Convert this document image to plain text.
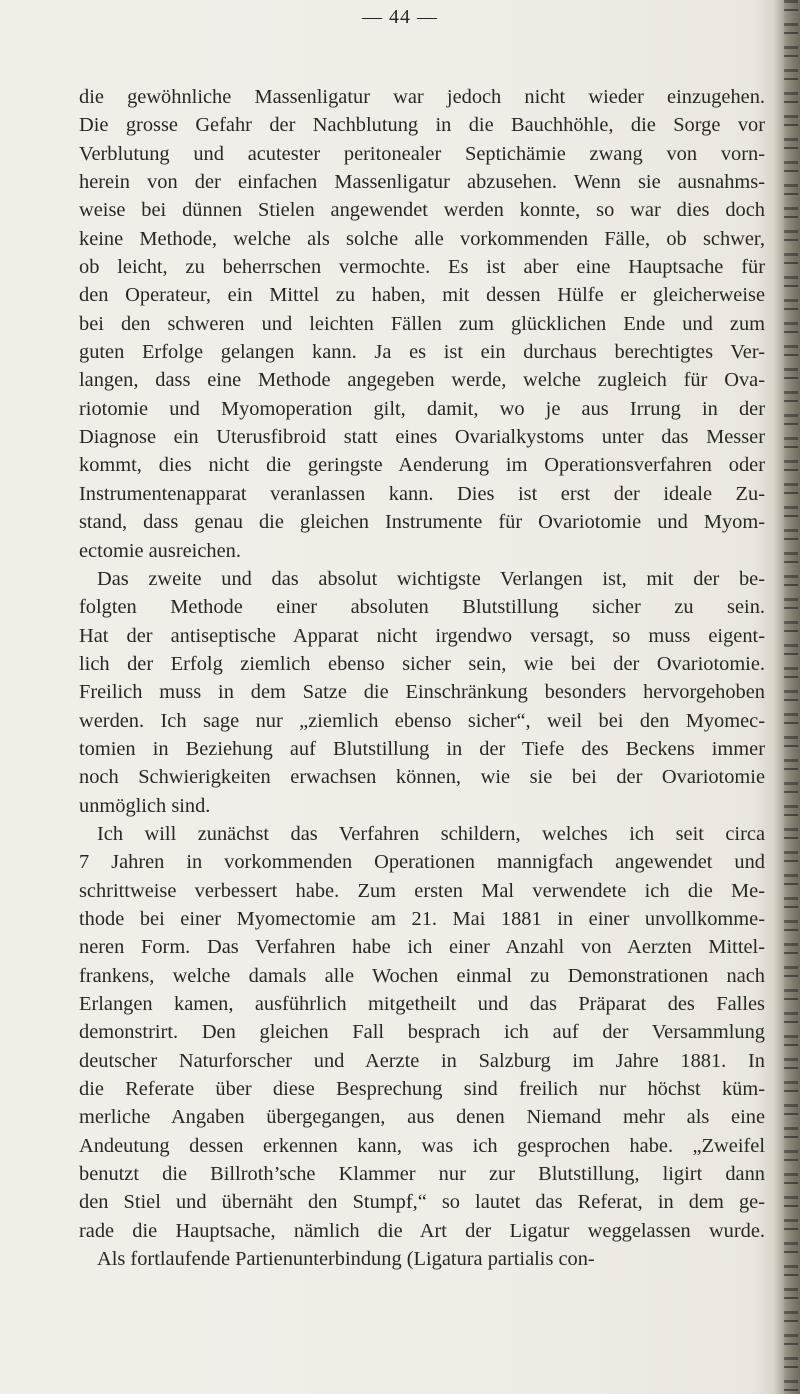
— 44 —
die gewöhnliche Massenligatur war jedoch nicht wieder einzugehen.
Die grosse Gefahr der Nachblutung in die Bauchhöhle, die Sorge vor
Verblutung und acutester peritonealer Septichämie zwang von vorn-
herein von der einfachen Massenligatur abzusehen. Wenn sie ausnahms-
weise bei dünnen Stielen angewendet werden konnte, so war dies doch
keine Methode, welche als solche alle vorkommenden Fälle, ob schwer,
ob leicht, zu beherrschen vermochte. Es ist aber eine Hauptsache für
den Operateur, ein Mittel zu haben, mit dessen Hülfe er gleicherweise
bei den schweren und leichten Fällen zum glücklichen Ende und zum
guten Erfolge gelangen kann. Ja es ist ein durchaus berechtigtes Ver-
langen, dass eine Methode angegeben werde, welche zugleich für Ova-
riotomie und Myomoperation gilt, damit, wo je aus Irrung in der
Diagnose ein Uterusfibroid statt eines Ovarialkystoms unter das Messer
kommt, dies nicht die geringste Aenderung im Operationsverfahren oder
Instrumentenapparat veranlassen kann. Dies ist erst der ideale Zu-
stand, dass genau die gleichen Instrumente für Ovariotomie und Myom-
ectomie ausreichen.
Das zweite und das absolut wichtigste Verlangen ist, mit der be-
folgten Methode einer absoluten Blutstillung sicher zu sein.
Hat der antiseptische Apparat nicht irgendwo versagt, so muss eigent-
lich der Erfolg ziemlich ebenso sicher sein, wie bei der Ovariotomie.
Freilich muss in dem Satze die Einschränkung besonders hervorgehoben
werden. Ich sage nur „ziemlich ebenso sicher“, weil bei den Myomec-
tomien in Beziehung auf Blutstillung in der Tiefe des Beckens immer
noch Schwierigkeiten erwachsen können, wie sie bei der Ovariotomie
unmöglich sind.
Ich will zunächst das Verfahren schildern, welches ich seit circa
7 Jahren in vorkommenden Operationen mannigfach angewendet und
schrittweise verbessert habe. Zum ersten Mal verwendete ich die Me-
thode bei einer Myomectomie am 21. Mai 1881 in einer unvollkomme-
neren Form. Das Verfahren habe ich einer Anzahl von Aerzten Mittel-
frankens, welche damals alle Wochen einmal zu Demonstrationen nach
Erlangen kamen, ausführlich mitgetheilt und das Präparat des Falles
demonstrirt. Den gleichen Fall besprach ich auf der Versammlung
deutscher Naturforscher und Aerzte in Salzburg im Jahre 1881. In
die Referate über diese Besprechung sind freilich nur höchst küm-
merliche Angaben übergegangen, aus denen Niemand mehr als eine
Andeutung dessen erkennen kann, was ich gesprochen habe. „Zweifel
benutzt die Billroth’sche Klammer nur zur Blutstillung, ligirt dann
den Stiel und übernäht den Stumpf,“ so lautet das Referat, in dem ge-
rade die Hauptsache, nämlich die Art der Ligatur weggelassen wurde.
Als fortlaufende Partienunterbindung (Ligatura partialis con-
